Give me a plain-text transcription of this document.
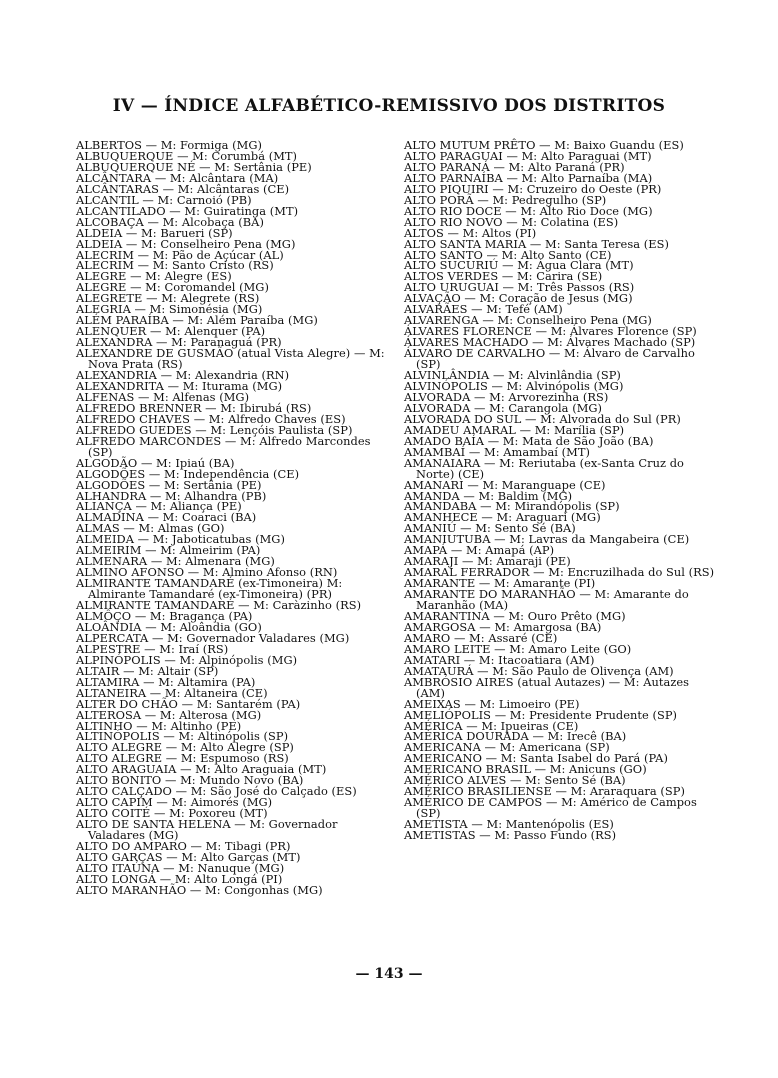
IV — ÍNDICE ALFABÉTICO-REMISSIVO DOS DISTRITOS

ALBERTOS — M: Formiga (MG)

ALBUQUERQUE — M: Corumbá (MT)

ALBUQUERQUE NÉ — M: Sertânia (PE)

ALCÂNTARA — M: Alcântara (MA)

ALCÂNTARAS — M: Alcântaras (CE)

ALCANTIL — M: Carnoió (PB)

ALCANTILADO — M: Guiratinga (MT)

ALCOBAÇA — M: Alcobaça (BA)

ALDEIA — M: Barueri (SP)

ALDEIA — M: Conselheiro Pena (MG)

ALECRIM — M: Pão de Açúcar (AL)

ALECRIM — M: Santo Cristo (RS)

ALEGRE — M: Alegre (ES)

ALEGRE — M: Coromandel (MG)

ALEGRETE — M: Alegrete (RS)

ALEGRIA — M: Simonésia (MG)

ALÉM PARAÍBA — M: Além Paraíba (MG)

ALENQUER — M: Alenquer (PA)

ALEXANDRA — M: Paranaguá (PR)

ALEXANDRE DE GUSMÃO (atual Vista Alegre) — M: Nova Prata (RS)

ALEXANDRIA — M: Alexandria (RN)

ALEXANDRITA — M: Iturama (MG)

ALFENAS — M: Alfenas (MG)

ALFREDO BRENNER — M: Ibirubá (RS)

ALFREDO CHAVES — M: Alfredo Chaves (ES)

ALFREDO GUEDES — M: Lençóis Paulista (SP)

ALFREDO MARCONDES — M: Alfredo Marcondes (SP)

ALGODÃO — M: Ipiaú (BA)

ALGODÕES — M: Independência (CE)

ALGODÕES — M: Sertânia (PE)

ALHANDRA — M: Alhandra (PB)

ALIANÇA — M: Aliança (PE)

ALMADINA — M: Coaraci (BA)

ALMAS — M: Almas (GO)

ALMEIDA — M: Jaboticatubas (MG)

ALMEIRIM — M: Almeirim (PA)

ALMENARA — M: Almenara (MG)

ALMINO AFONSO — M: Almino Afonso (RN)

ALMIRANTE TAMANDARÉ (ex-Timoneira) M: Almirante Tamandaré (ex-Timoneira) (PR)

ALMIRANTE TAMANDARÉ — M: Caràzinho (RS)

ALMÔÇO — M: Bragança (PA)

ALOÂNDIA — M: Aloândia (GO)

ALPERCATA — M: Governador Valadares (MG)

ALPESTRE — M: Iraí (RS)

ALPINÓPOLIS — M: Alpinópolis (MG)

ALTAIR — M: Altair (SP)

ALTAMIRA — M: Altamira (PA)

ALTANEIRA — M: Altaneira (CE)

ALTER DO CHÃO — M: Santarém (PA)

ALTEROSA — M: Alterosa (MG)

ALTINHO — M: Altinho (PE)

ALTINÓPOLIS — M: Altinópolis (SP)

ALTO ALEGRE — M: Alto Alegre (SP)

ALTO ALEGRE — M: Espumoso (RS)

ALTO ARAGUAIA — M: Alto Araguaia (MT)

ALTO BONITO — M: Mundo Novo (BA)

ALTO CALÇADO — M: São José do Calçado (ES)

ALTO CAPIM — M: Aimorés (MG)

ALTO COITÉ — M: Poxoreu (MT)

ALTO DE SANTA HELENA — M: Governador Valadares (MG)

ALTO DO AMPARO — M: Tibagi (PR)

ALTO GARÇAS — M: Alto Garças (MT)

ALTO ITAÚNA — M: Nanuque (MG)

ALTO LONGÁ — M: Alto Longá (PI)

ALTO MARANHÃO — M: Congonhas (MG)

ALTO MUTUM PRÊTO — M: Baixo Guandu (ES)

ALTO PARAGUAI — M: Alto Paraguai (MT)

ALTO PARANÁ — M: Alto Paraná (PR)

ALTO PARNAÍBA — M: Alto Parnaíba (MA)

ALTO PIQUIRI — M: Cruzeiro do Oeste (PR)

ALTO PORÃ — M: Pedregulho (SP)

ALTO RIO DOCE — M: Alto Rio Doce (MG)

ALTO RIO NOVO — M: Colatina (ES)

ALTOS — M: Altos (PI)

ALTO SANTA MARIA — M: Santa Teresa (ES)

ALTO SANTO — M: Alto Santo (CE)

ALTO SUCURIÚ — M: Água Clara (MT)

ALTOS VERDES — M: Carira (SE)

ALTO URUGUAI — M: Três Passos (RS)

ALVAÇÃO — M: Coração de Jesus (MG)

ALVARÃES — M: Tefé (AM)

ALVARENGA — M: Conselheiro Pena (MG)

ÁLVARES FLORENCE — M: Álvares Florence (SP)

ÁLVARES MACHADO — M: Álvares Machado (SP)

ÁLVARO DE CARVALHO — M: Álvaro de Carvalho (SP)

ALVINLÂNDIA — M: Alvinlândia (SP)

ALVINÓPOLIS — M: Alvinópolis (MG)

ALVORADA — M: Arvorezinha (RS)

ALVORADA — M: Carangola (MG)

ALVORADA DO SUL — M: Alvorada do Sul (PR)

AMADEU AMARAL — M: Marília (SP)

AMADO BAÍA — M: Mata de São João (BA)

AMAMBAÍ — M: Amambaí (MT)

AMANAIARA — M: Reriutaba (ex-Santa Cruz do Norte) (CE)

AMANARI — M: Maranguape (CE)

AMANDA — M: Baldim (MG)

AMANDABA — M: Mirandópolis (SP)

AMANHECE — M: Araguari (MG)

AMANIÚ — M: Sento Sé (BA)

AMANIUTUBA — M: Lavras da Mangabeira (CE)

AMAPÁ — M: Amapá (AP)

AMARAJI — M: Amaraji (PE)

AMARAL FERRADOR — M: Encruzilhada do Sul (RS)

AMARANTE — M: Amarante (PI)

AMARANTE DO MARANHÃO — M: Amarante do Maranhão (MA)

AMARANTINA — M: Ouro Prêto (MG)

AMARGOSA — M: Amargosa (BA)

AMARO — M: Assaré (CE)

AMARO LEITE — M: Amaro Leite (GO)

AMATARI — M: Itacoatiara (AM)

AMATAURÁ — M: São Paulo de Olivença (AM)

AMBRÓSIO AIRES (atual Autazes) — M: Autazes (AM)

AMEIXAS — M: Limoeiro (PE)

AMELIÓPOLIS — M: Presidente Prudente (SP)

AMÉRICA — M: Ipueiras (CE)

AMÉRICA DOURADA — M: Irecê (BA)

AMERICANA — M: Americana (SP)

AMERICANO — M: Santa Isabel do Pará (PA)

AMERICANO BRASIL — M: Anicuns (GO)

AMÉRICO ALVES — M: Sento Sé (BA)

AMÉRICO BRASILIENSE — M: Araraquara (SP)

AMÉRICO DE CAMPOS — M: Américo de Campos (SP)

AMETISTA — M: Mantenópolis (ES)

AMETISTAS — M: Passo Fundo (RS)

— 143 —
